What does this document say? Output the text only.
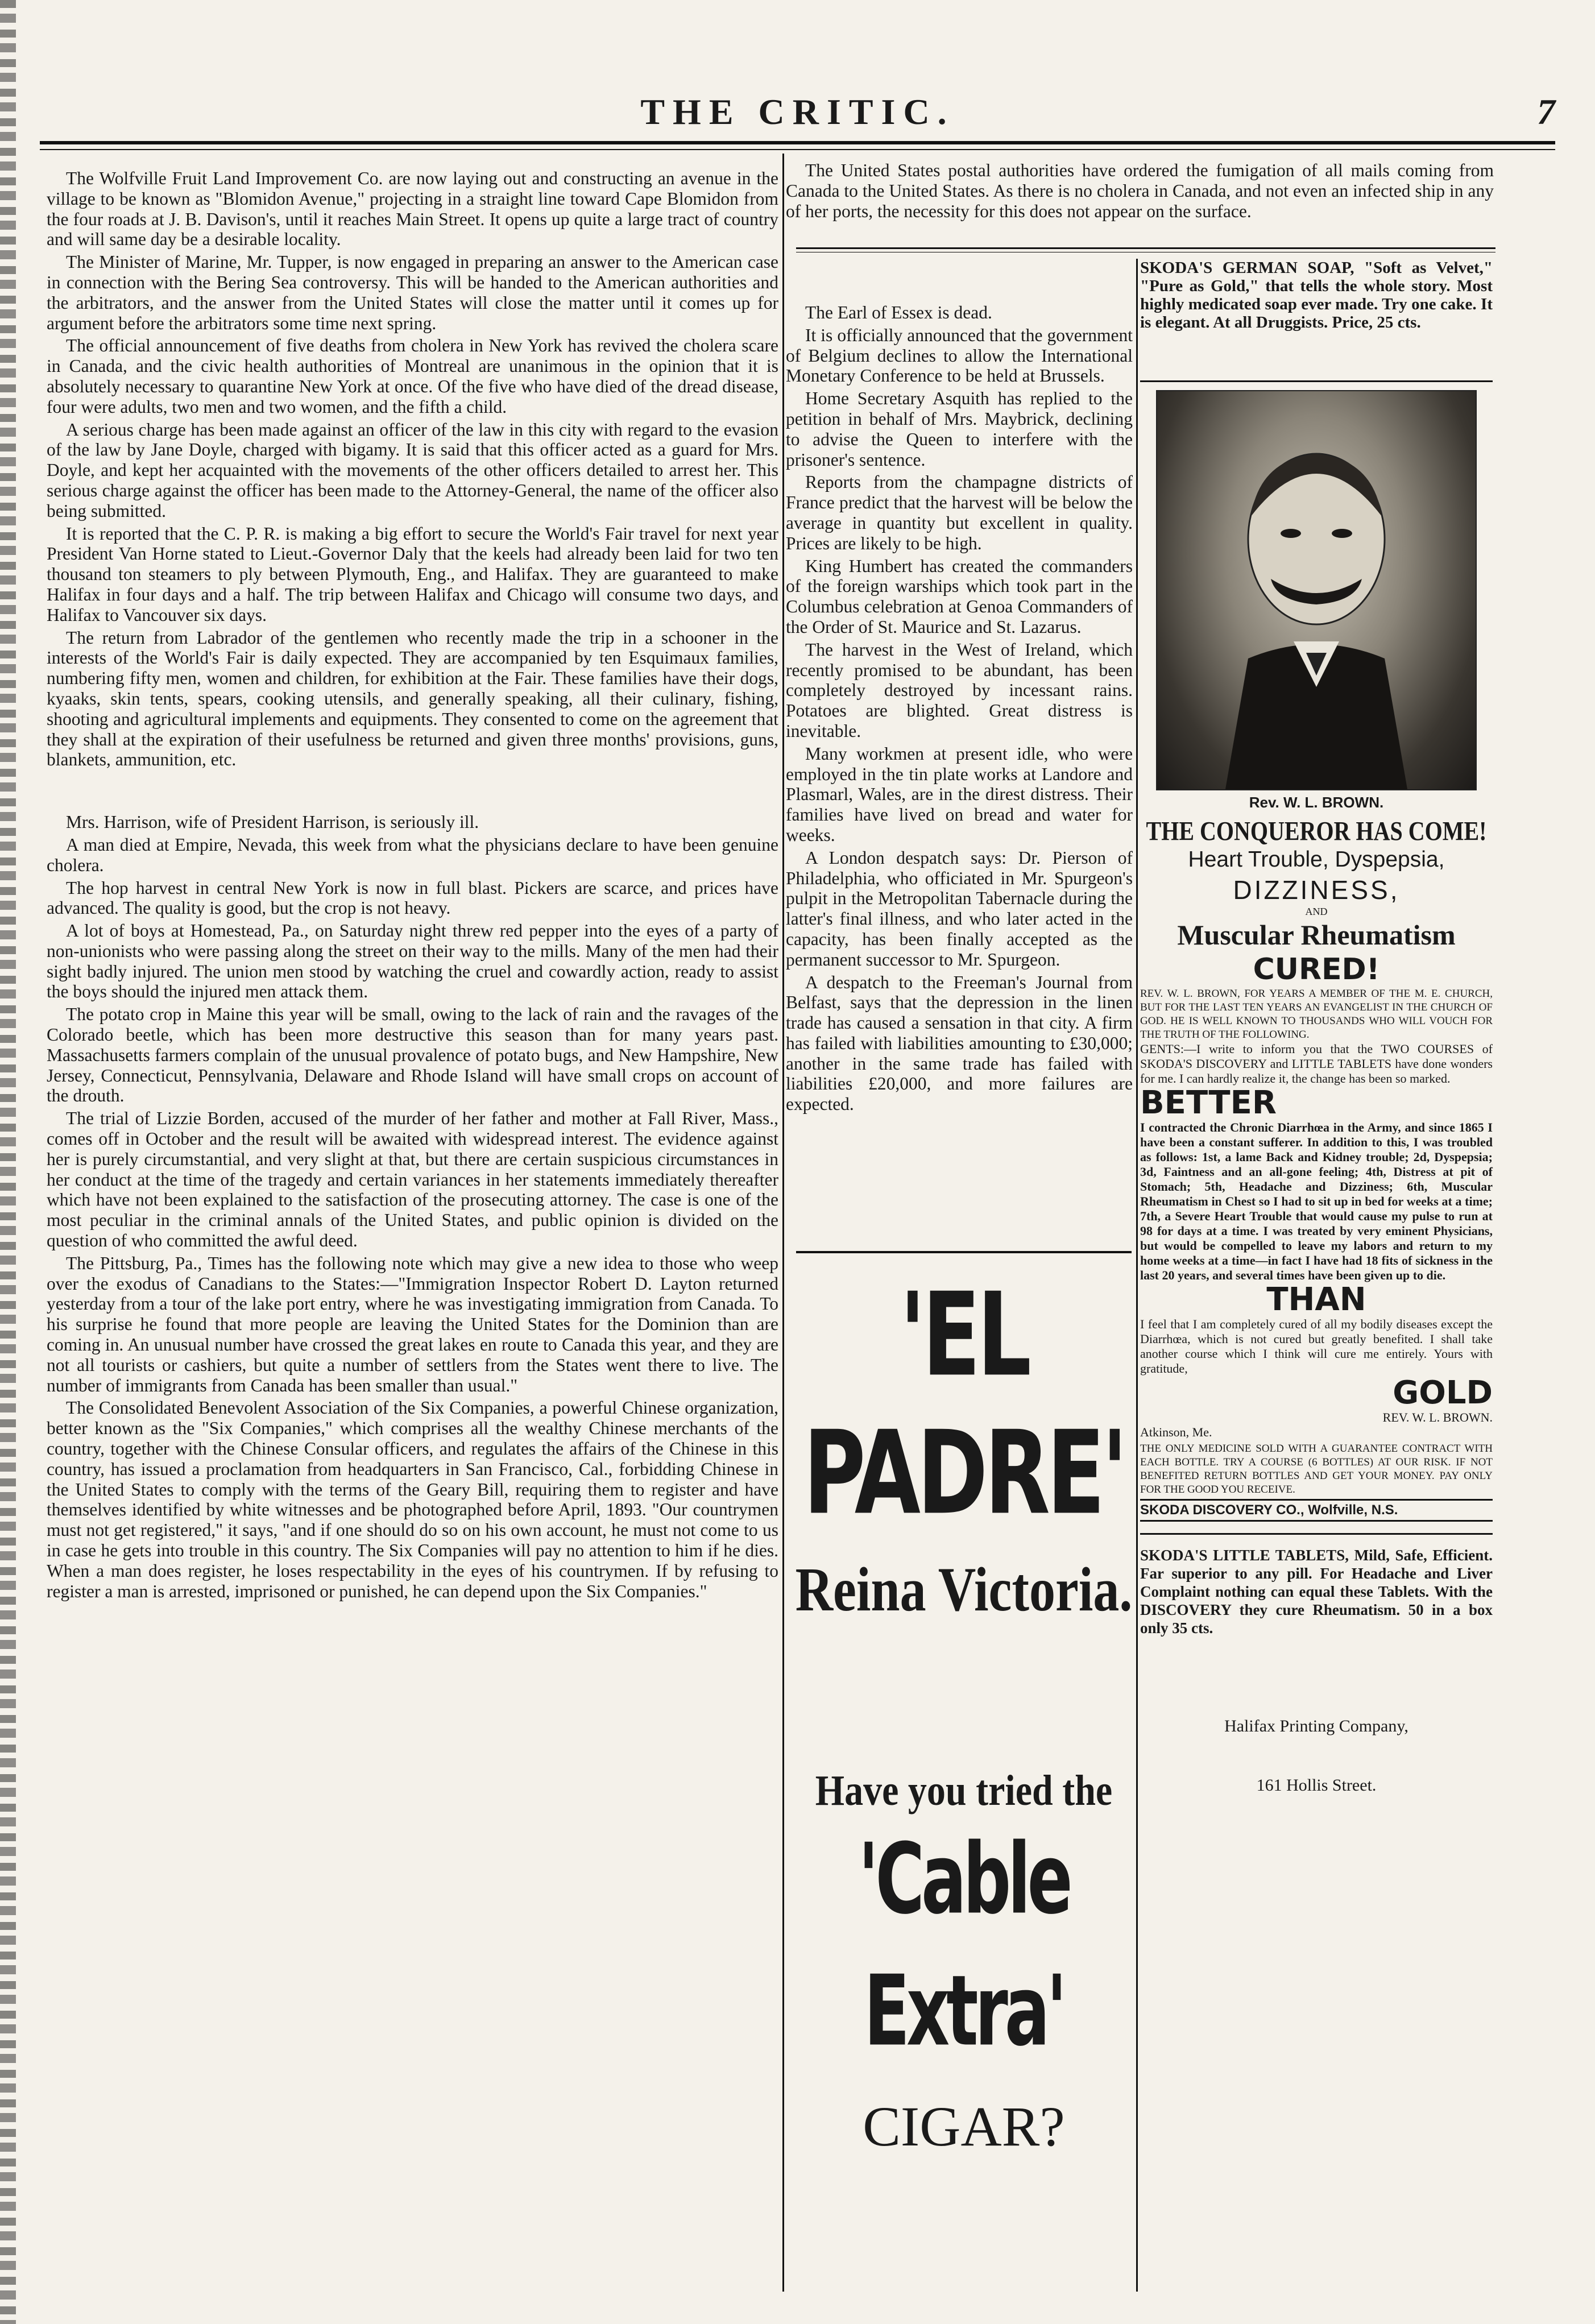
THE CRITIC.	7

The Wolfville Fruit Land Improvement Co. are now laying out and constructing an avenue in the village to be known as "Blomidon Avenue," projecting in a straight line toward Cape Blomidon from the four roads at J. B. Davison's, until it reaches Main Street. It opens up quite a large tract of country and will same day be a desirable locality.

The Minister of Marine, Mr. Tupper, is now engaged in preparing an answer to the American case in connection with the Bering Sea controversy. This will be handed to the American authorities and the arbitrators, and the answer from the United States will close the matter until it comes up for argument before the arbitrators some time next spring.

The official announcement of five deaths from cholera in New York has revived the cholera scare in Canada, and the civic health authorities of Montreal are unanimous in the opinion that it is absolutely necessary to quarantine New York at once. Of the five who have died of the dread disease, four were adults, two men and two women, and the fifth a child.

A serious charge has been made against an officer of the law in this city with regard to the evasion of the law by Jane Doyle, charged with bigamy. It is said that this officer acted as a guard for Mrs. Doyle, and kept her acquainted with the movements of the other officers detailed to arrest her. This serious charge against the officer has been made to the Attorney-General, the name of the officer also being submitted.

It is reported that the C. P. R. is making a big effort to secure the World's Fair travel for next year President Van Horne stated to Lieut.-Governor Daly that the keels had already been laid for two ten thousand ton steamers to ply between Plymouth, Eng., and Halifax. They are guaranteed to make Halifax in four days and a half. The trip between Halifax and Chicago will consume two days, and Halifax to Vancouver six days.

The return from Labrador of the gentlemen who recently made the trip in a schooner in the interests of the World's Fair is daily expected. They are accompanied by ten Esquimaux families, numbering fifty men, women and children, for exhibition at the Fair. These families have their dogs, kyaaks, skin tents, spears, cooking utensils, and generally speaking, all their culinary, fishing, shooting and agricultural implements and equipments. They consented to come on the agreement that they shall at the expiration of their usefulness be returned and given three months' provisions, guns, blankets, ammunition, etc.

Mrs. Harrison, wife of President Harrison, is seriously ill.

A man died at Empire, Nevada, this week from what the physicians declare to have been genuine cholera.

The hop harvest in central New York is now in full blast. Pickers are scarce, and prices have advanced. The quality is good, but the crop is not heavy.

A lot of boys at Homestead, Pa., on Saturday night threw red pepper into the eyes of a party of non-unionists who were passing along the street on their way to the mills. Many of the men had their sight badly injured. The union men stood by watching the cruel and cowardly action, ready to assist the boys should the injured men attack them.

The potato crop in Maine this year will be small, owing to the lack of rain and the ravages of the Colorado beetle, which has been more destructive this season than for many years past. Massachusetts farmers complain of the unusual provalence of potato bugs, and New Hampshire, New Jersey, Connecticut, Pennsylvania, Delaware and Rhode Island will have small crops on account of the drouth.

The trial of Lizzie Borden, accused of the murder of her father and mother at Fall River, Mass., comes off in October and the result will be awaited with widespread interest. The evidence against her is purely circumstantial, and very slight at that, but there are certain suspicious circumstances in her conduct at the time of the tragedy and certain variances in her statements immediately thereafter which have not been explained to the satisfaction of the prosecuting attorney. The case is one of the most peculiar in the criminal annals of the United States, and public opinion is divided on the question of who committed the awful deed.

The Pittsburg, Pa., Times has the following note which may give a new idea to those who weep over the exodus of Canadians to the States:—"Immigration Inspector Robert D. Layton returned yesterday from a tour of the lake port entry, where he was investigating immigration from Canada. To his surprise he found that more people are leaving the United States for the Dominion than are coming in. An unusual number have crossed the great lakes en route to Canada this year, and they are not all tourists or cashiers, but quite a number of settlers from the States went there to live. The number of immigrants from Canada has been smaller than usual."

The Consolidated Benevolent Association of the Six Companies, a powerful Chinese organization, better known as the "Six Companies," which comprises all the wealthy Chinese merchants of the country, together with the Chinese Consular officers, and regulates the affairs of the Chinese in this country, has issued a proclamation from headquarters in San Francisco, Cal., forbidding Chinese in the United States to comply with the terms of the Geary Bill, requiring them to register and have themselves identified by white witnesses and be photographed before April, 1893. "Our countrymen must not get registered," it says, "and if one should do so on his own account, he must not come to us in case he gets into trouble in this country. The Six Companies will pay no attention to him if he dies. When a man does register, he loses respectability in the eyes of his countrymen. If by refusing to register a man is arrested, imprisoned or punished, he can depend upon the Six Companies."

The United States postal authorities have ordered the fumigation of all mails coming from Canada to the United States. As there is no cholera in Canada, and not even an infected ship in any of her ports, the necessity for this does not appear on the surface.

The Earl of Essex is dead.

It is officially announced that the government of Belgium declines to allow the International Monetary Conference to be held at Brussels.

Home Secretary Asquith has replied to the petition in behalf of Mrs. Maybrick, declining to advise the Queen to interfere with the prisoner's sentence.

Reports from the champagne districts of France predict that the harvest will be below the average in quantity but excellent in quality. Prices are likely to be high.

King Humbert has created the commanders of the foreign warships which took part in the Columbus celebration at Genoa Commanders of the Order of St. Maurice and St. Lazarus.

The harvest in the West of Ireland, which recently promised to be abundant, has been completely destroyed by incessant rains. Potatoes are blighted. Great distress is inevitable.

Many workmen at present idle, who were employed in the tin plate works at Landore and Plasmarl, Wales, are in the direst distress. Their families have lived on bread and water for weeks.

A London despatch says: Dr. Pierson of Philadelphia, who officiated in Mr. Spurgeon's pulpit in the Metropolitan Tabernacle during the latter's final illness, and who later acted in the capacity, has been finally accepted as the permanent successor to Mr. Spurgeon.

A despatch to the Freeman's Journal from Belfast, says that the depression in the linen trade has caused a sensation in that city. A firm has failed with liabilities amounting to £30,000; another in the same trade has failed with liabilities £20,000, and more failures are expected.

'EL PADRE'
Reina Victoria.
Have you tried the
'Cable Extra'
CIGAR?
SKODA'S GERMAN SOAP, "Soft as Velvet," "Pure as Gold," that tells the whole story. Most highly medicated soap ever made. Try one cake. It is elegant. At all Druggists. Price, 25 cts.
Rev. W. L. BROWN.
THE CONQUEROR HAS COME!
Heart Trouble, Dyspepsia,
DIZZINESS,
AND
Muscular Rheumatism
CURED!
REV. W. L. BROWN, FOR YEARS A MEMBER OF THE M. E. CHURCH, BUT FOR THE LAST TEN YEARS AN EVANGELIST IN THE CHURCH OF GOD. HE IS WELL KNOWN TO THOUSANDS WHO WILL VOUCH FOR THE TRUTH OF THE FOLLOWING.
GENTS:—I write to inform you that the TWO COURSES of SKODA'S DISCOVERY and LITTLE TABLETS have done wonders for me. I can hardly realize it, the change has been so marked.
BETTER
I contracted the Chronic Diarrhœa in the Army, and since 1865 I have been a constant sufferer. In addition to this, I was troubled as follows: 1st, a lame Back and Kidney trouble; 2d, Dyspepsia; 3d, Faintness and an all-gone feeling; 4th, Distress at pit of Stomach; 5th, Headache and Dizziness; 6th, Muscular Rheumatism in Chest so I had to sit up in bed for weeks at a time; 7th, a Severe Heart Trouble that would cause my pulse to run at 98 for days at a time. I was treated by very eminent Physicians, but would be compelled to leave my labors and return to my home weeks at a time—in fact I have had 18 fits of sickness in the last 20 years, and several times have been given up to die.
THAN
I feel that I am completely cured of all my bodily diseases except the Diarrhœa, which is not cured but greatly benefited. I shall take another course which I think will cure me entirely. Yours with gratitude,
GOLD
REV. W. L. BROWN.
Atkinson, Me.
THE ONLY MEDICINE SOLD WITH A GUARANTEE CONTRACT WITH EACH BOTTLE. TRY A COURSE (6 BOTTLES) AT OUR RISK. IF NOT BENEFITED RETURN BOTTLES AND GET YOUR MONEY. PAY ONLY FOR THE GOOD YOU RECEIVE.
SKODA DISCOVERY CO., Wolfville, N.S.
SKODA'S LITTLE TABLETS, Mild, Safe, Efficient. Far superior to any pill. For Headache and Liver Complaint nothing can equal these Tablets. With the DISCOVERY they cure Rheumatism. 50 in a box only 35 cts.
Halifax Printing Company,
161 Hollis Street.
